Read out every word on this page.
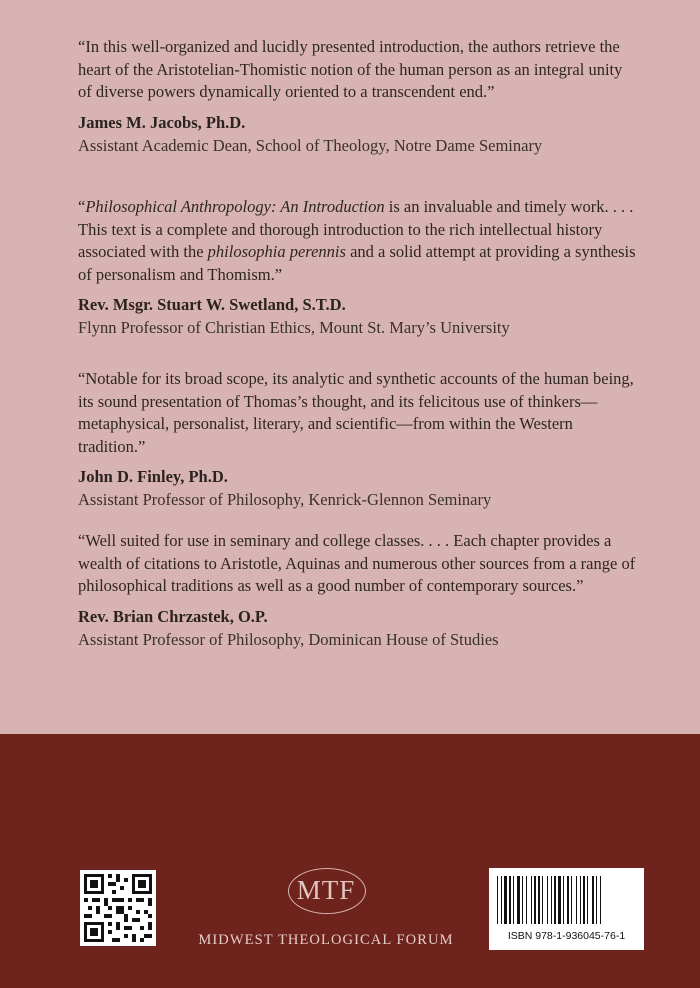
“In this well-organized and lucidly presented introduction, the authors retrieve the heart of the Aristotelian-Thomistic notion of the human person as an integral unity of diverse powers dynamically oriented to a transcendent end.”

James M. Jacobs, Ph.D.

Assistant Academic Dean, School of Theology, Notre Dame Seminary

“Philosophical Anthropology: An Introduction is an invaluable and timely work. . . . This text is a complete and thorough introduction to the rich intellectual history associated with the philosophia perennis and a solid attempt at providing a synthesis of personalism and Thomism.”

Rev. Msgr. Stuart W. Swetland, S.T.D.

Flynn Professor of Christian Ethics, Mount St. Mary’s University

“Notable for its broad scope, its analytic and synthetic accounts of the human being, its sound presentation of Thomas’s thought, and its felicitous use of thinkers—metaphysical, personalist, literary, and scientific—from within the Western tradition.”

John D. Finley, Ph.D.

Assistant Professor of Philosophy, Kenrick-Glennon Seminary

“Well suited for use in seminary and college classes. . . . Each chapter provides a wealth of citations to Aristotle, Aquinas and numerous other sources from a range of philosophical traditions as well as a good number of contemporary sources.”

Rev. Brian Chrzastek, O.P.

Assistant Professor of Philosophy, Dominican House of Studies

MTF
MIDWEST THEOLOGICAL FORUM	ISBN 978-1-936045-76-1
